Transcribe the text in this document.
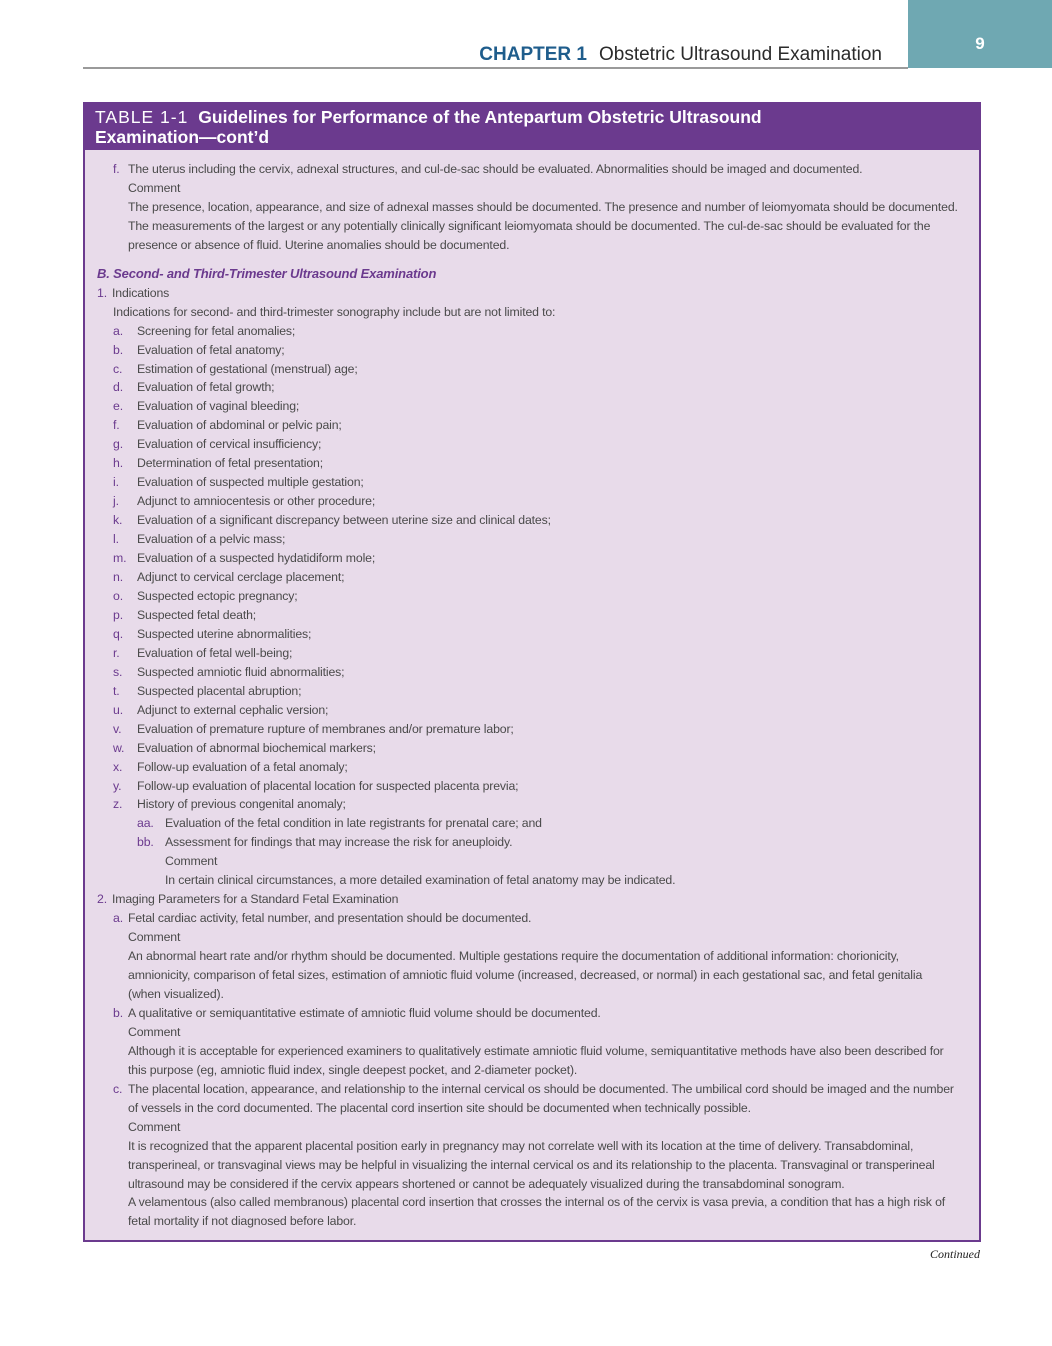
9
CHAPTER 1 Obstetric Ultrasound Examination
TABLE 1-1 Guidelines for Performance of the Antepartum Obstetric Ultrasound
Examination—cont’d
f. The uterus including the cervix, adnexal structures, and cul-de-sac should be evaluated. Abnormalities should be imaged and documented.
Comment
The presence, location, appearance, and size of adnexal masses should be documented. The presence and number of leiomyomata should be documented.
The measurements of the largest or any potentially clinically significant leiomyomata should be documented. The cul-de-sac should be evaluated for the
presence or absence of fluid. Uterine anomalies should be documented.
B. Second- and Third-Trimester Ultrasound Examination
1. Indications
Indications for second- and third-trimester sonography include but are not limited to:
a. Screening for fetal anomalies;
b. Evaluation of fetal anatomy;
c. Estimation of gestational (menstrual) age;
d. Evaluation of fetal growth;
e. Evaluation of vaginal bleeding;
f. Evaluation of abdominal or pelvic pain;
g. Evaluation of cervical insufficiency;
h. Determination of fetal presentation;
i. Evaluation of suspected multiple gestation;
j. Adjunct to amniocentesis or other procedure;
k. Evaluation of a significant discrepancy between uterine size and clinical dates;
l. Evaluation of a pelvic mass;
m. Evaluation of a suspected hydatidiform mole;
n. Adjunct to cervical cerclage placement;
o. Suspected ectopic pregnancy;
p. Suspected fetal death;
q. Suspected uterine abnormalities;
r. Evaluation of fetal well-being;
s. Suspected amniotic fluid abnormalities;
t. Suspected placental abruption;
u. Adjunct to external cephalic version;
v. Evaluation of premature rupture of membranes and/or premature labor;
w. Evaluation of abnormal biochemical markers;
x. Follow-up evaluation of a fetal anomaly;
y. Follow-up evaluation of placental location for suspected placenta previa;
z. History of previous congenital anomaly;
aa. Evaluation of the fetal condition in late registrants for prenatal care; and
bb. Assessment for findings that may increase the risk for aneuploidy.
Comment
In certain clinical circumstances, a more detailed examination of fetal anatomy may be indicated.
2. Imaging Parameters for a Standard Fetal Examination
a. Fetal cardiac activity, fetal number, and presentation should be documented.
Comment
An abnormal heart rate and/or rhythm should be documented. Multiple gestations require the documentation of additional information: chorionicity,
amnionicity, comparison of fetal sizes, estimation of amniotic fluid volume (increased, decreased, or normal) in each gestational sac, and fetal genitalia
(when visualized).
b. A qualitative or semiquantitative estimate of amniotic fluid volume should be documented.
Comment
Although it is acceptable for experienced examiners to qualitatively estimate amniotic fluid volume, semiquantitative methods have also been described for
this purpose (eg, amniotic fluid index, single deepest pocket, and 2-diameter pocket).
c. The placental location, appearance, and relationship to the internal cervical os should be documented. The umbilical cord should be imaged and the number
of vessels in the cord documented. The placental cord insertion site should be documented when technically possible.
Comment
It is recognized that the apparent placental position early in pregnancy may not correlate well with its location at the time of delivery. Transabdominal,
transperineal, or transvaginal views may be helpful in visualizing the internal cervical os and its relationship to the placenta. Transvaginal or transperineal
ultrasound may be considered if the cervix appears shortened or cannot be adequately visualized during the transabdominal sonogram.
A velamentous (also called membranous) placental cord insertion that crosses the internal os of the cervix is vasa previa, a condition that has a high risk of
fetal mortality if not diagnosed before labor.
Continued
